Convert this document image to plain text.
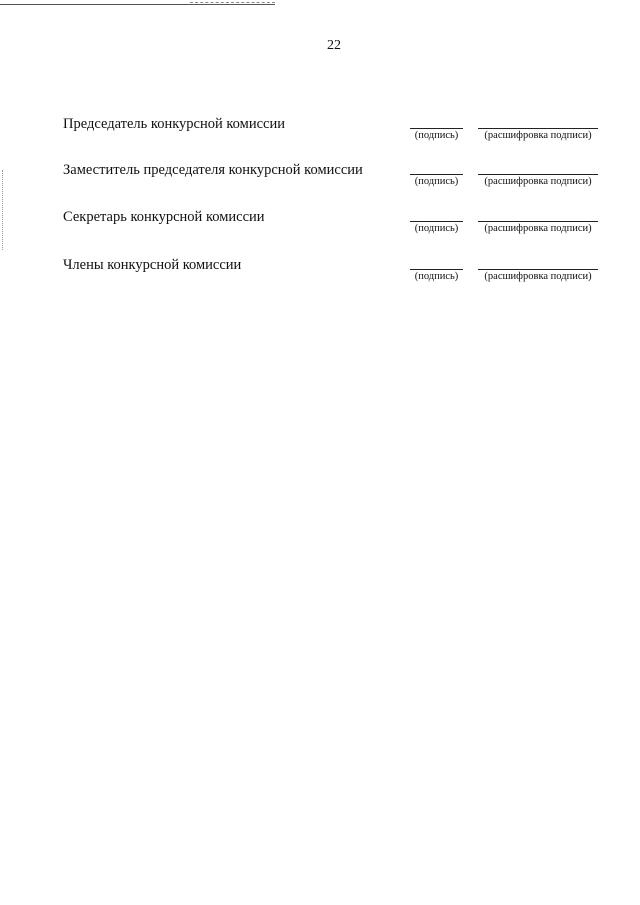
22
Председатель конкурсной комиссии
(подпись)	(расшифровка подписи)
Заместитель председателя конкурсной комиссии
(подпись)	(расшифровка подписи)
Секретарь конкурсной комиссии
(подпись)	(расшифровка подписи)
Члены конкурсной комиссии
(подпись)	(расшифровка подписи)
